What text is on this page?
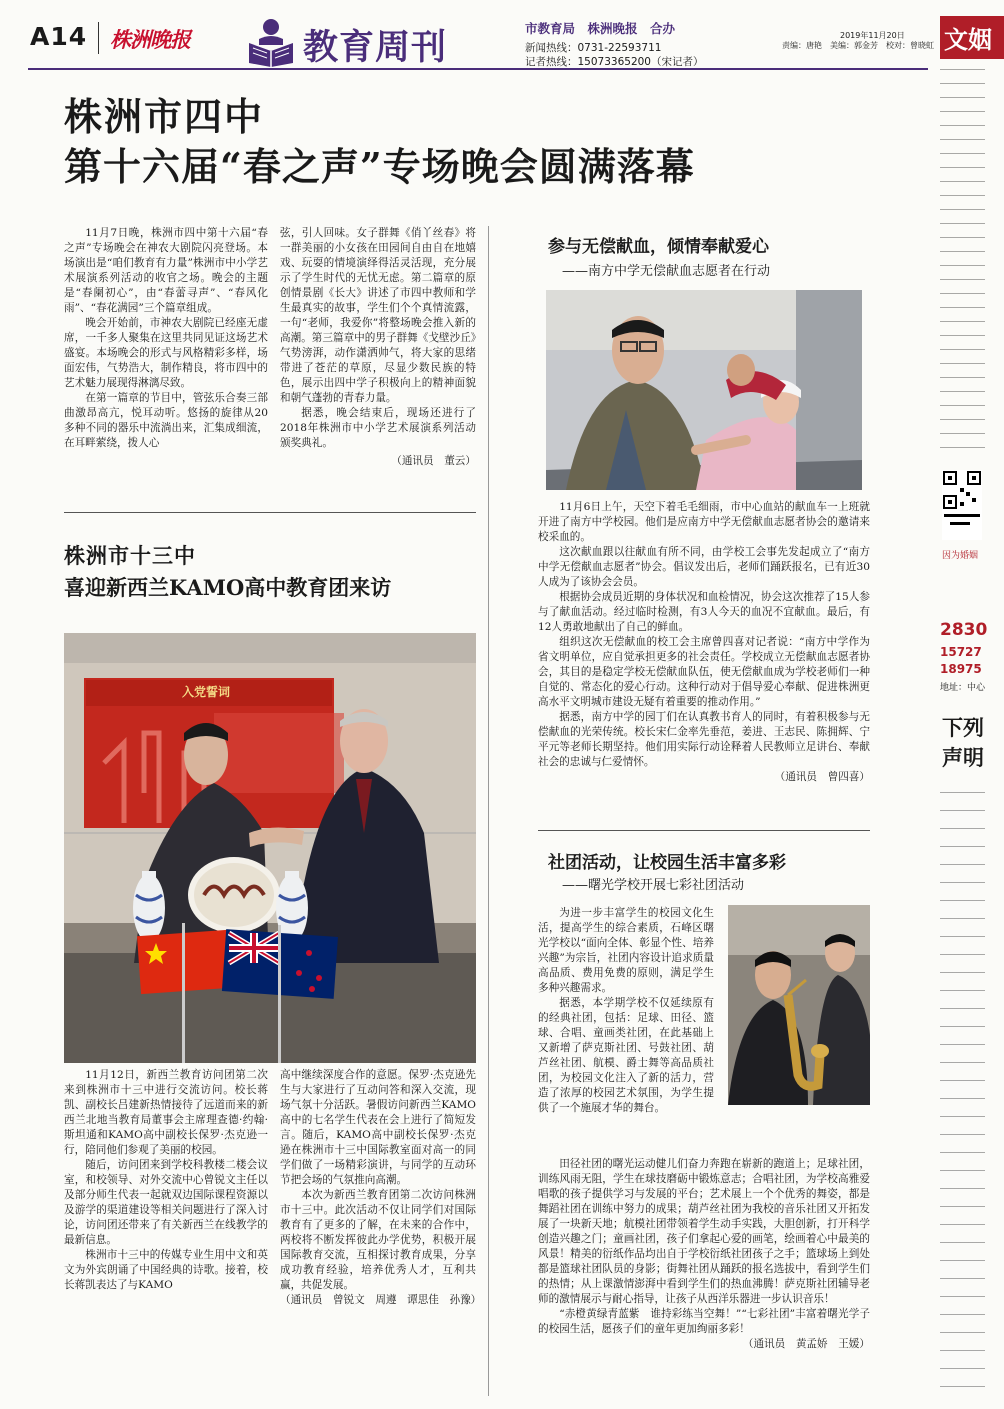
A14 株洲晚报	教育周刊	市教育局　株洲晚报　合办
新闻热线：0731-22593711
记者热线：15073365200（宋记者）
2019年11月20日
责编：唐艳　美编：郭金芳　校对：曾晓虹
株洲市四中
第十六届“春之声”专场晚会圆满落幕

11月7日晚，株洲市四中第十六届“春之声”专场晚会在神农大剧院闪亮登场。本场演出是“咱们教育有力量”株洲市中小学艺术展演系列活动的收官之场。晚会的主题是“春阑初心”，由“春蕾寻声”、“春风化雨”、“春花满园”三个篇章组成。

晚会开始前，市神农大剧院已经座无虚席，一千多人聚集在这里共同见证这场艺术盛宴。本场晚会的形式与风格精彩多样，场面宏伟，气势浩大，制作精良，将市四中的艺术魅力展现得淋漓尽致。

在第一篇章的节目中，管弦乐合奏三部曲激昂高亢，悦耳动听。悠扬的旋律从20多种不同的器乐中流淌出来，汇集成细流，在耳畔萦绕，拨人心

弦，引人回味。女子群舞《俏丫丝春》将一群美丽的小女孩在田园间自由自在地嬉戏、玩耍的情境演绎得活灵活现，充分展示了学生时代的无忧无虑。第二篇章的原创情景剧《长大》讲述了市四中教师和学生最真实的故事，学生们个个真情流露，一句“老师，我爱你”将整场晚会推入新的高潮。第三篇章中的男子群舞《戈壁沙丘》气势滂湃，动作潇洒帅气，将大家的思绪带进了苍茫的草原，尽显少数民族的特色，展示出四中学子积极向上的精神面貌和朝气蓬勃的青春力量。

据悉，晚会结束后，现场还进行了2018年株洲市中小学艺术展演系列活动颁奖典礼。

（通讯员　董云）
株洲市十三中
喜迎新西兰KAMO高中教育团来访
入党誓词

11月12日，新西兰教育访问团第二次来到株洲市十三中进行交流访问。校长蒋凯、副校长吕建新热情接待了远道而来的新西兰北地当教育局董事会主席理查德·约翰·斯坦通和KAMO高中副校长保罗·杰克逊一行，陪同他们参观了美丽的校园。

随后，访问团来到学校科教楼二楼会议室，和校领导、对外交流中心曾锐文主任以及部分师生代表一起就双边国际课程资源以及游学的渠道建设等相关问题进行了深入讨论，访问团还带来了有关新西兰在线教学的最新信息。

株洲市十三中的传媒专业生用中文和英文为外宾朗诵了中国经典的诗歌。接着，校长蒋凯表达了与KAMO

高中继续深度合作的意愿。保罗·杰克逊先生与大家进行了互动问答和深入交流，现场气氛十分活跃。暑假访问新西兰KAMO高中的七名学生代表在会上进行了简短发言。随后，KAMO高中副校长保罗·杰克逊在株洲市十三中国际教室面对高一的同学们做了一场精彩演讲，与同学的互动环节把会场的气氛推向高潮。

本次为新西兰教育团第二次访问株洲市十三中。此次活动不仅让同学们对国际教育有了更多的了解，在未来的合作中，两校将不断发挥彼此办学优势，积极开展国际教育交流，互相探讨教育成果，分享成功教育经验，培养优秀人才，互利共赢，共促发展。

（通讯员　曾锐文　周遵　谭思佳　孙豫）
参与无偿献血，倾情奉献爱心
——南方中学无偿献血志愿者在行动

11月6日上午，天空下着毛毛细雨，市中心血站的献血车一上班就开进了南方中学校园。他们是应南方中学无偿献血志愿者协会的邀请来校采血的。

这次献血跟以往献血有所不同，由学校工会事先发起成立了“南方中学无偿献血志愿者”协会。倡议发出后，老师们踊跃报名，已有近30人成为了该协会会员。

根据协会成员近期的身体状况和血检情况，协会这次推荐了15人参与了献血活动。经过临时检测，有3人今天的血况不宜献血。最后，有12人勇敢地献出了自己的鲜血。

组织这次无偿献血的校工会主席曾四喜对记者说：“南方中学作为省文明单位，应自觉承担更多的社会责任。学校成立无偿献血志愿者协会，其目的是稳定学校无偿献血队伍，使无偿献血成为学校老师们一种自觉的、常态化的爱心行动。这种行动对于倡导爱心奉献、促进株洲更高水平文明城市建设无疑有着重要的推动作用。”

据悉，南方中学的园丁们在认真教书育人的同时，有着积极参与无偿献血的光荣传统。校长宋仁金率先垂范，姜进、王志民、陈拥辉、宁平元等老师长期坚持。他们用实际行动诠释着人民教师立足讲台、奉献社会的忠诚与仁爱情怀。

（通讯员　曾四喜）
社团活动，让校园生活丰富多彩
——曙光学校开展七彩社团活动

为进一步丰富学生的校园文化生活，提高学生的综合素质，石峰区曙光学校以“面向全体、彰显个性、培养兴趣”为宗旨，社团内容设计追求质量高品质、费用免费的原则，满足学生多种兴趣需求。

据悉，本学期学校不仅延续原有的经典社团，包括：足球、田径、篮球、合唱、童画类社团，在此基础上又新增了萨克斯社团、号鼓社团、葫芦丝社团、航模、爵士舞等高品质社团，为校园文化注入了新的活力，营造了浓厚的校园艺术氛围，为学生提供了一个施展才华的舞台。

田径社团的曙光运动健儿们奋力奔跑在崭新的跑道上；足球社团，训练风雨无阻，学生在球技磨砺中锻炼意志；合唱社团，为学校高雅爱唱歌的孩子提供学习与发展的平台；艺术展上一个个优秀的舞姿，都是舞蹈社团在训练中努力的成果；葫芦丝社团为我校的音乐社团又开拓发展了一块新天地；航模社团带领着学生动手实践，大胆创新，打开科学创造兴趣之门；童画社团，孩子们拿起心爱的画笔，绘画着心中最美的风景！精美的衍纸作品均出自于学校衍纸社团孩子之手；篮球场上到处都是篮球社团队员的身影；街舞社团从踊跃的报名选拔中，看到学生们的热情；从上课激情澎湃中看到学生们的热血沸腾！萨克斯社团辅导老师的激情展示与耐心指导，让孩子从西洋乐器进一步认识音乐！

“赤橙黄绿青蓝紫　谁持彩练当空舞！”“七彩社团”丰富着曙光学子的校园生活，愿孩子们的童年更加绚丽多彩！

（通讯员　黄孟娇　王媛）
文姻
因为婚姻
2830
15727
18975
地址：中心
下列
声明
